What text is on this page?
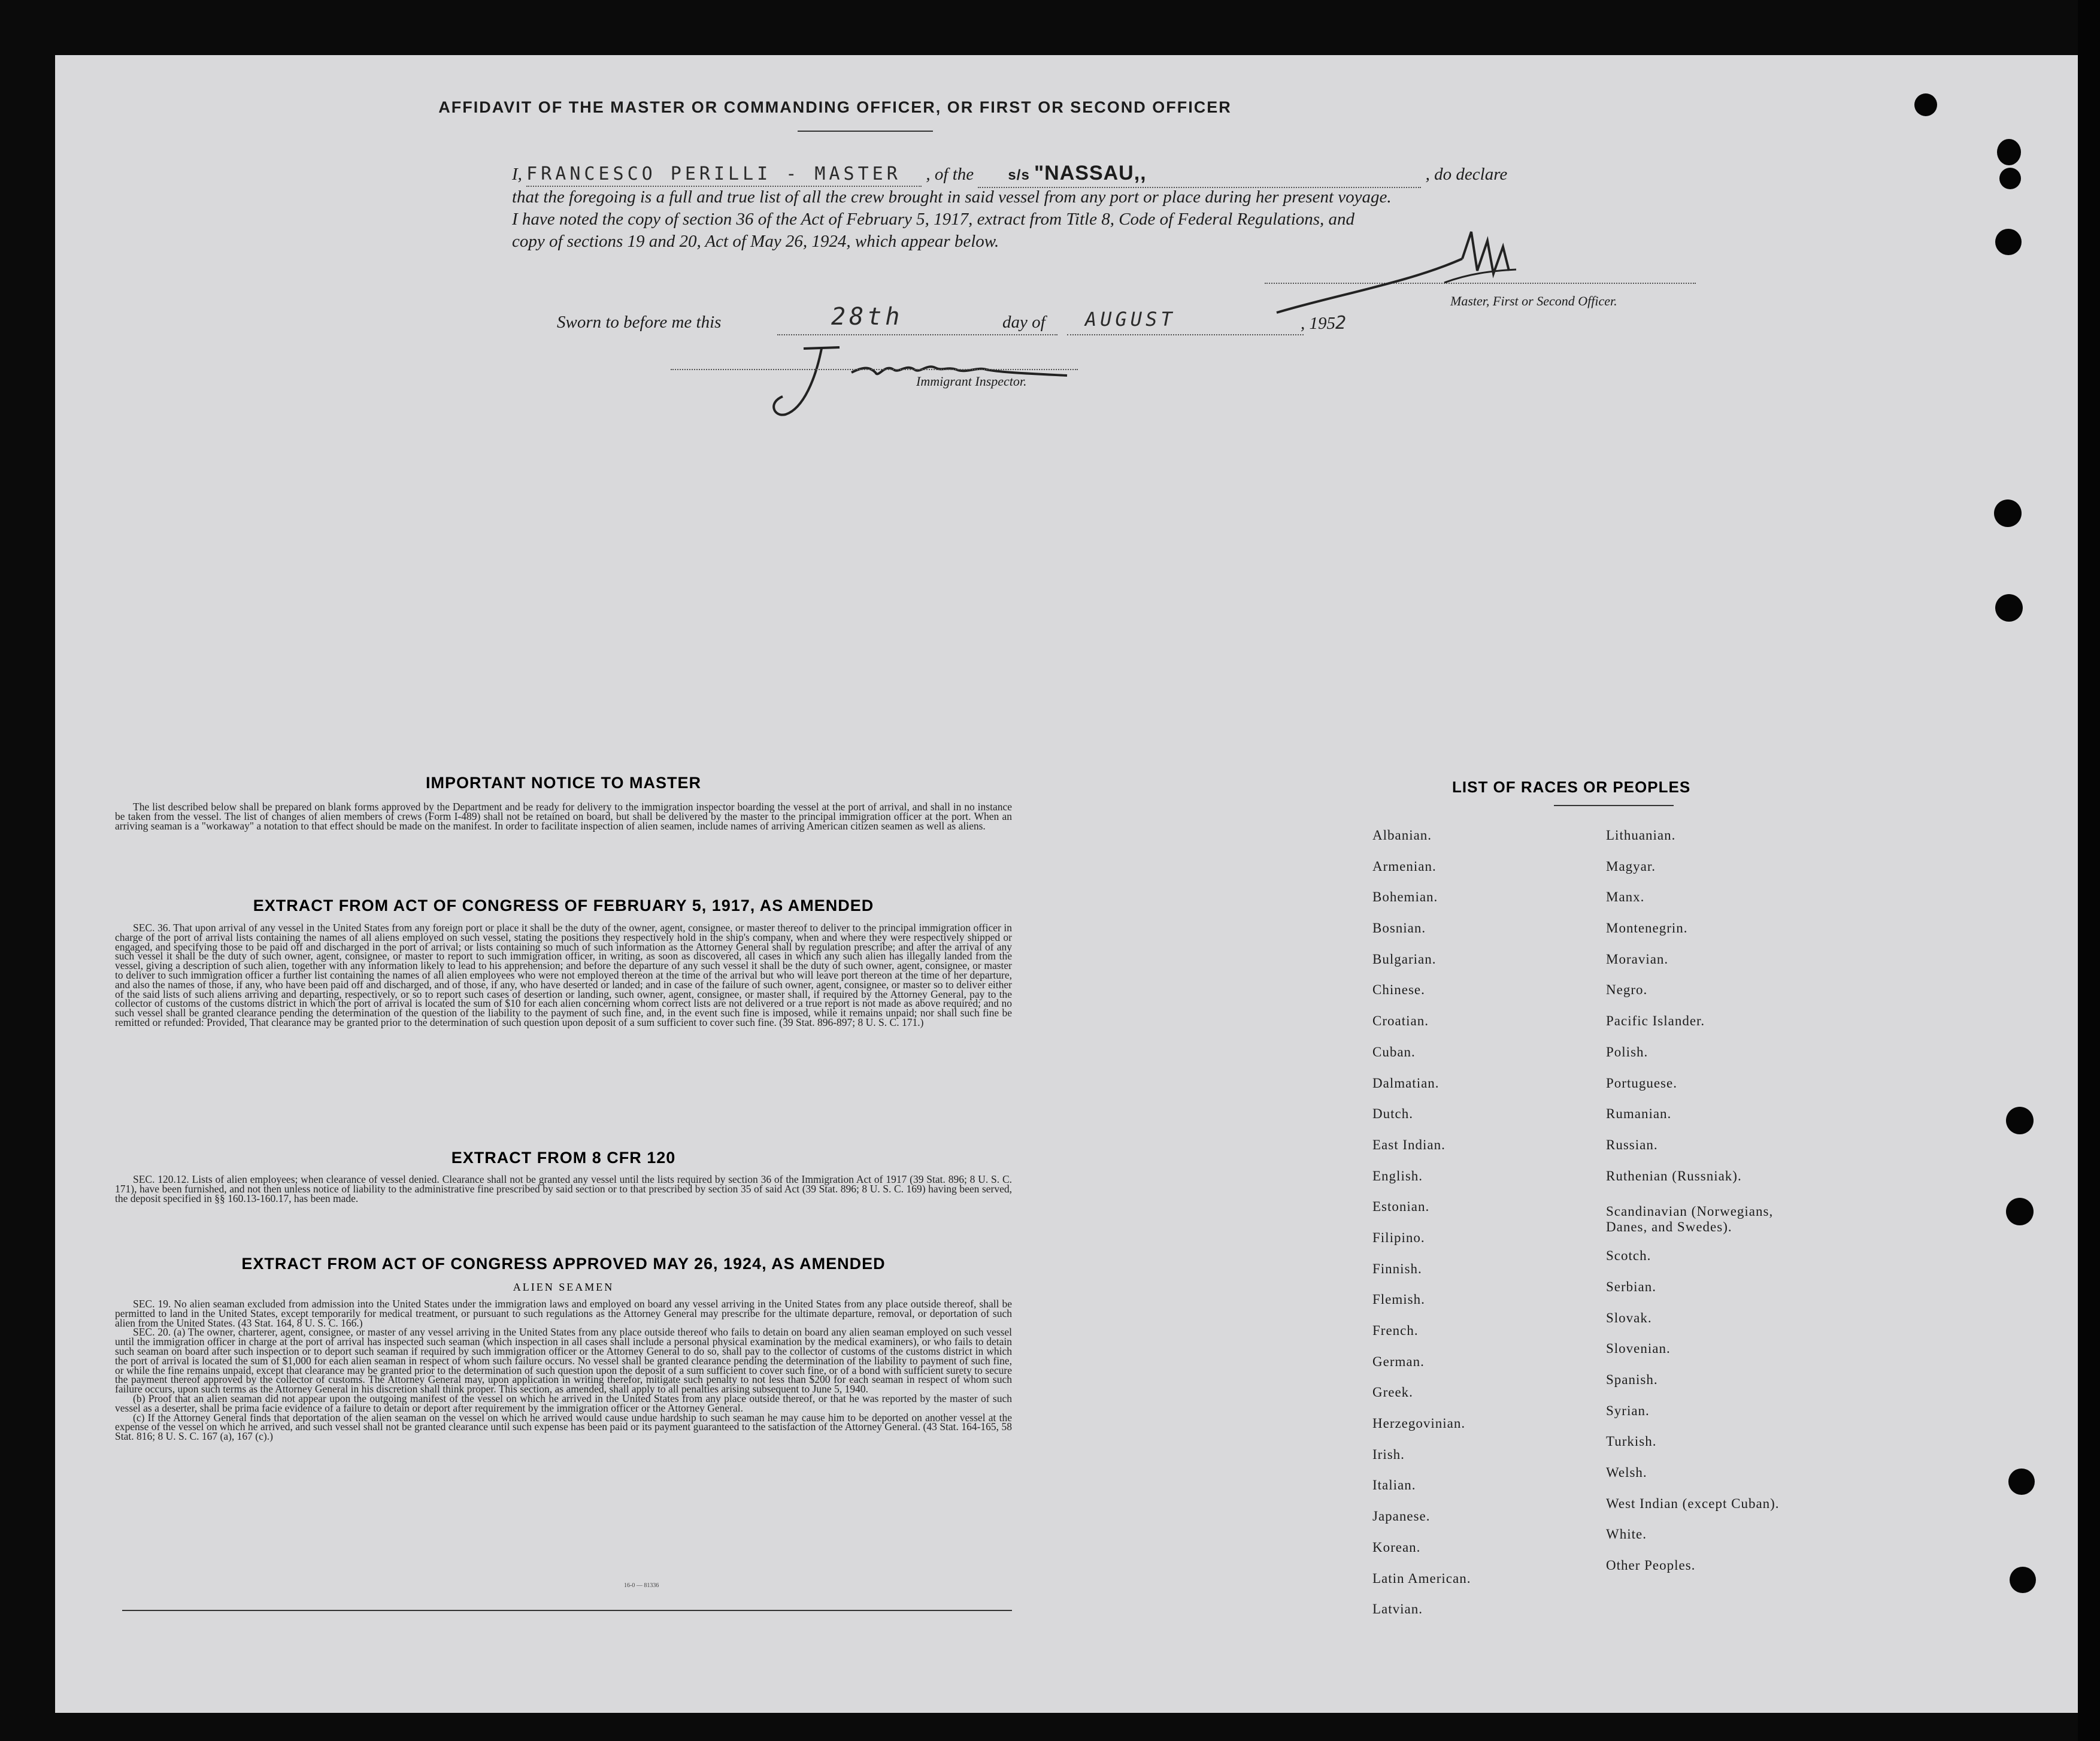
AFFIDAVIT OF THE MASTER OR COMMANDING OFFICER, OR FIRST OR SECOND OFFICER
I, FRANCESCO PERILLI - MASTER , of the s/s "NASSAU,,	, do declare
that the foregoing is a full and true list of all the crew brought in said vessel from any port or place during her present voyage.
I have noted the copy of section 36 of the Act of February 5, 1917, extract from Title 8, Code of Federal Regulations, and
copy of sections 19 and 20, Act of May 26, 1924, which appear below.
Master, First or Second Officer.
Sworn to before me this	28th	day of AUGUST	, 1952
Immigrant Inspector.
IMPORTANT NOTICE TO MASTER

The list described below shall be prepared on blank forms approved by the Department and be ready for delivery to the immigration inspector boarding the vessel at the port of arrival, and shall in no instance be taken from the vessel. The list of changes of alien members of crews (Form I-489) shall not be retained on board, but shall be delivered by the master to the principal immigration officer at the port. When an arriving seaman is a "workaway" a notation to that effect should be made on the manifest. In order to facilitate inspection of alien seamen, include names of arriving American citizen seamen as well as aliens.

EXTRACT FROM ACT OF CONGRESS OF FEBRUARY 5, 1917, AS AMENDED

SEC. 36. That upon arrival of any vessel in the United States from any foreign port or place it shall be the duty of the owner, agent, consignee, or master thereof to deliver to the principal immigration officer in charge of the port of arrival lists containing the names of all aliens employed on such vessel, stating the positions they respectively hold in the ship's company, when and where they were respectively shipped or engaged, and specifying those to be paid off and discharged in the port of arrival; or lists containing so much of such information as the Attorney General shall by regulation prescribe; and after the arrival of any such vessel it shall be the duty of such owner, agent, consignee, or master to report to such immigration officer, in writing, as soon as discovered, all cases in which any such alien has illegally landed from the vessel, giving a description of such alien, together with any information likely to lead to his apprehension; and before the departure of any such vessel it shall be the duty of such owner, agent, consignee, or master to deliver to such immigration officer a further list containing the names of all alien employees who were not employed thereon at the time of the arrival but who will leave port thereon at the time of her departure, and also the names of those, if any, who have been paid off and discharged, and of those, if any, who have deserted or landed; and in case of the failure of such owner, agent, consignee, or master so to deliver either of the said lists of such aliens arriving and departing, respectively, or so to report such cases of desertion or landing, such owner, agent, consignee, or master shall, if required by the Attorney General, pay to the collector of customs of the customs district in which the port of arrival is located the sum of $10 for each alien concerning whom correct lists are not delivered or a true report is not made as above required; and no such vessel shall be granted clearance pending the determination of the question of the liability to the payment of such fine, and, in the event such fine is imposed, while it remains unpaid; nor shall such fine be remitted or refunded: Provided, That clearance may be granted prior to the determination of such question upon deposit of a sum sufficient to cover such fine. (39 Stat. 896-897; 8 U. S. C. 171.)

EXTRACT FROM 8 CFR 120

SEC. 120.12. Lists of alien employees; when clearance of vessel denied. Clearance shall not be granted any vessel until the lists required by section 36 of the Immigration Act of 1917 (39 Stat. 896; 8 U. S. C. 171), have been furnished, and not then unless notice of liability to the administrative fine prescribed by said section or to that prescribed by section 35 of said Act (39 Stat. 896; 8 U. S. C. 169) having been served, the deposit specified in §§ 160.13-160.17, has been made.

EXTRACT FROM ACT OF CONGRESS APPROVED MAY 26, 1924, AS AMENDED
ALIEN SEAMEN

SEC. 19. No alien seaman excluded from admission into the United States under the immigration laws and employed on board any vessel arriving in the United States from any place outside thereof, shall be permitted to land in the United States, except temporarily for medical treatment, or pursuant to such regulations as the Attorney General may prescribe for the ultimate departure, removal, or deportation of such alien from the United States. (43 Stat. 164, 8 U. S. C. 166.)

SEC. 20. (a) The owner, charterer, agent, consignee, or master of any vessel arriving in the United States from any place outside thereof who fails to detain on board any alien seaman employed on such vessel until the immigration officer in charge at the port of arrival has inspected such seaman (which inspection in all cases shall include a personal physical examination by the medical examiners), or who fails to detain such seaman on board after such inspection or to deport such seaman if required by such immigration officer or the Attorney General to do so, shall pay to the collector of customs of the customs district in which the port of arrival is located the sum of $1,000 for each alien seaman in respect of whom such failure occurs. No vessel shall be granted clearance pending the determination of the liability to payment of such fine, or while the fine remains unpaid, except that clearance may be granted prior to the determination of such question upon the deposit of a sum sufficient to cover such fine, or of a bond with sufficient surety to secure the payment thereof approved by the collector of customs. The Attorney General may, upon application in writing therefor, mitigate such penalty to not less than $200 for each seaman in respect of whom such failure occurs, upon such terms as the Attorney General in his discretion shall think proper. This section, as amended, shall apply to all penalties arising subsequent to June 5, 1940.

(b) Proof that an alien seaman did not appear upon the outgoing manifest of the vessel on which he arrived in the United States from any place outside thereof, or that he was reported by the master of such vessel as a deserter, shall be prima facie evidence of a failure to detain or deport after requirement by the immigration officer or the Attorney General.

(c) If the Attorney General finds that deportation of the alien seaman on the vessel on which he arrived would cause undue hardship to such seaman he may cause him to be deported on another vessel at the expense of the vessel on which he arrived, and such vessel shall not be granted clearance until such expense has been paid or its payment guaranteed to the satisfaction of the Attorney General. (43 Stat. 164-165, 58 Stat. 816; 8 U. S. C. 167 (a), 167 (c).)

16-0 — 81336
LIST OF RACES OR PEOPLES
Albanian.
Armenian.
Bohemian.
Bosnian.
Bulgarian.
Chinese.
Croatian.
Cuban.
Dalmatian.
Dutch.
East Indian.
English.
Estonian.
Filipino.
Finnish.
Flemish.
French.
German.
Greek.
Herzegovinian.
Irish.
Italian.
Japanese.
Korean.
Latin American.
Latvian.
Lithuanian.
Magyar.
Manx.
Montenegrin.
Moravian.
Negro.
Pacific Islander.
Polish.
Portuguese.
Rumanian.
Russian.
Ruthenian (Russniak).
Scandinavian (Norwegians, Danes, and Swedes).
Scotch.
Serbian.
Slovak.
Slovenian.
Spanish.
Syrian.
Turkish.
Welsh.
West Indian (except Cuban).
White.
Other Peoples.
